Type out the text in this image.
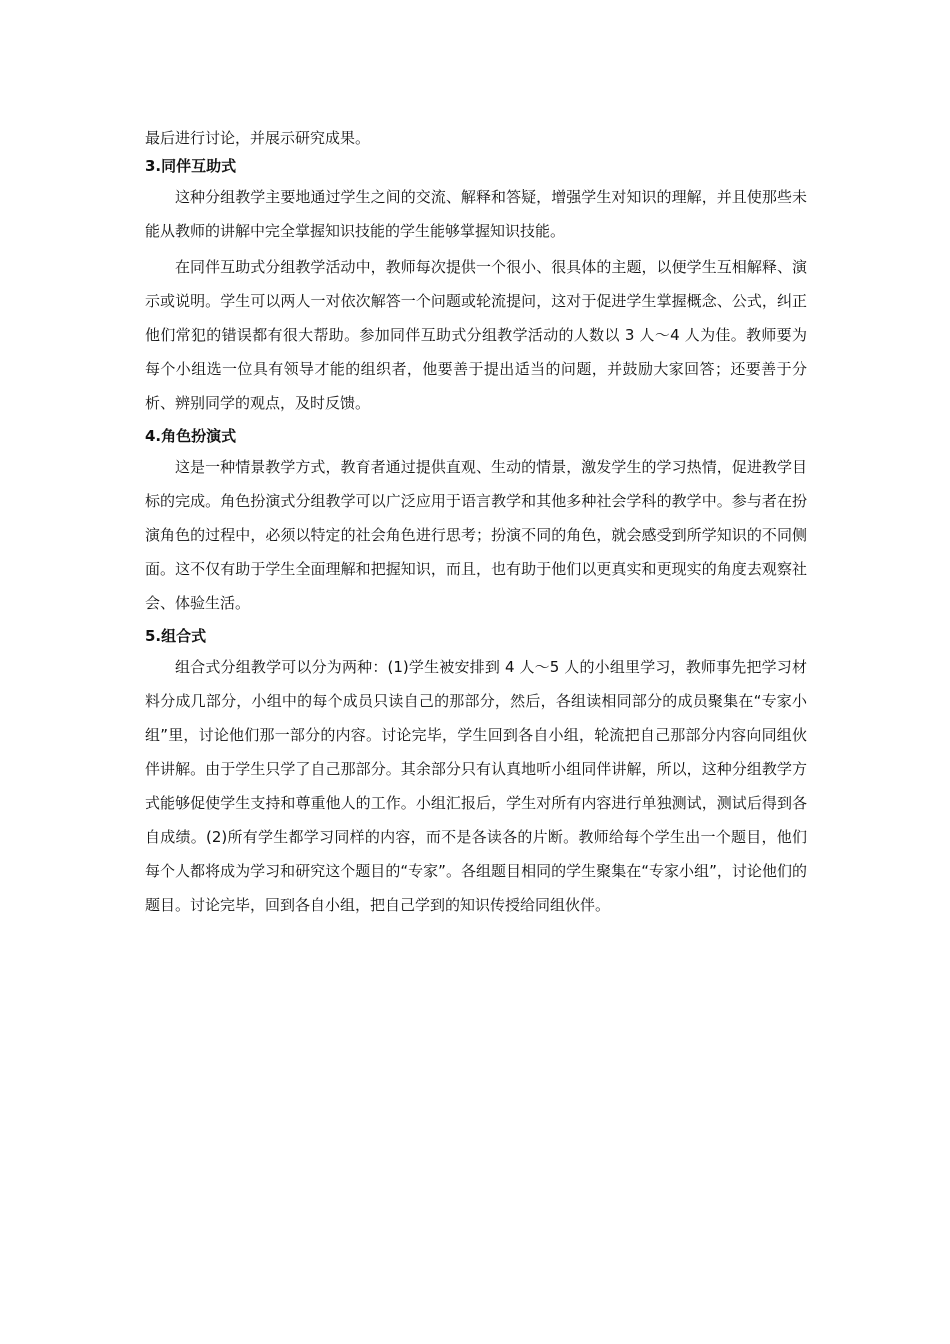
最后进行讨论，并展示研究成果。

3.同伴互助式

这种分组教学主要地通过学生之间的交流、解释和答疑，增强学生对知识的理解，并且使那些未能从教师的讲解中完全掌握知识技能的学生能够掌握知识技能。

在同伴互助式分组教学活动中，教师每次提供一个很小、很具体的主题，以便学生互相解释、演示或说明。学生可以两人一对依次解答一个问题或轮流提问，这对于促进学生掌握概念、公式，纠正他们常犯的错误都有很大帮助。参加同伴互助式分组教学活动的人数以 3 人～4 人为佳。教师要为每个小组选一位具有领导才能的组织者，他要善于提出适当的问题，并鼓励大家回答；还要善于分析、辨别同学的观点，及时反馈。

4.角色扮演式

这是一种情景教学方式，教育者通过提供直观、生动的情景，激发学生的学习热情，促进教学目标的完成。角色扮演式分组教学可以广泛应用于语言教学和其他多种社会学科的教学中。参与者在扮演角色的过程中，必须以特定的社会角色进行思考；扮演不同的角色，就会感受到所学知识的不同侧面。这不仅有助于学生全面理解和把握知识，而且，也有助于他们以更真实和更现实的角度去观察社会、体验生活。

5.组合式

组合式分组教学可以分为两种：(1)学生被安排到 4 人～5 人的小组里学习，教师事先把学习材料分成几部分，小组中的每个成员只读自己的那部分，然后，各组读相同部分的成员聚集在“专家小组”里，讨论他们那一部分的内容。讨论完毕，学生回到各自小组，轮流把自己那部分内容向同组伙伴讲解。由于学生只学了自己那部分。其余部分只有认真地听小组同伴讲解，所以，这种分组教学方式能够促使学生支持和尊重他人的工作。小组汇报后，学生对所有内容进行单独测试，测试后得到各自成绩。(2)所有学生都学习同样的内容，而不是各读各的片断。教师给每个学生出一个题目，他们每个人都将成为学习和研究这个题目的“专家”。各组题目相同的学生聚集在“专家小组”，讨论他们的题目。讨论完毕，回到各自小组，把自己学到的知识传授给同组伙伴。
